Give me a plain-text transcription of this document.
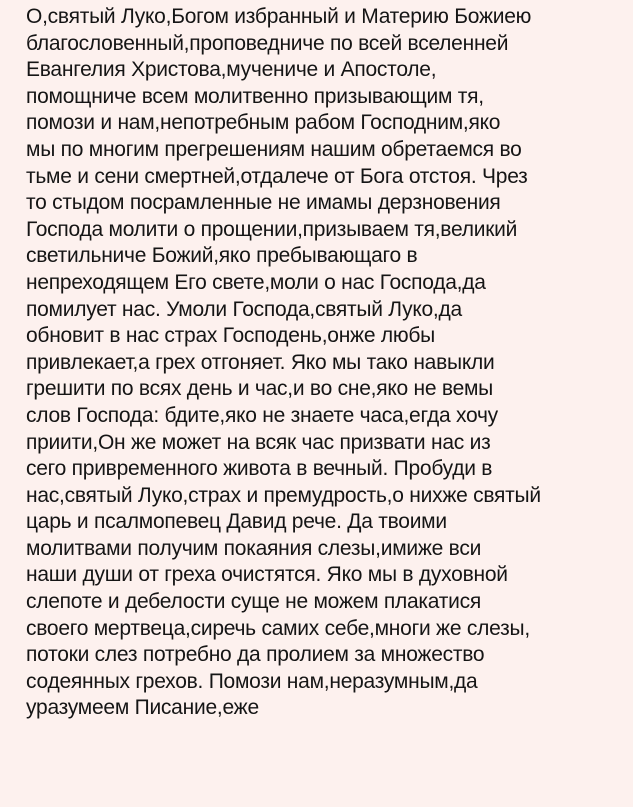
О,святый Луко,Богом избранный и Материю Божиею
благословенный,проповедниче по всей вселенней
Евангелия Христова,мучениче и Апостоле,
помощниче всем молитвенно призывающим тя,
помози и нам,непотребным рабом Господним,яко
мы по многим прегрешениям нашим обретаемся во
тьме и сени смертней,отдалече от Бога отстоя. Чрез
то стыдом посрамленные не имамы дерзновения
Господа молити о прощении,призываем тя,великий
светильниче Божий,яко пребывающаго в
непреходящем Его свете,моли о нас Господа,да
помилует нас. Умоли Господа,святый Луко,да
обновит в нас страх Господень,онже любы
привлекает,а грех отгоняет. Яко мы тако навыкли
грешити по всях день и час,и во сне,яко не вемы
слов Господа: бдите,яко не знаете часа,егда хочу
приити,Он же может на всяк час призвати нас из
сего привременного живота в вечный. Пробуди в
нас,святый Луко,страх и премудрость,о нихже святый
царь и псалмопевец Давид рече. Да твоими
молитвами получим покаяния слезы,имиже вси
наши души от греха очистятся. Яко мы в духовной
слепоте и дебелости суще не можем плакатися
своего мертвеца,сиречь самих себе,многи же слезы,
потоки слез потребно да пролием за множество
содеянных грехов. Помози нам,неразумным,да
уразумеем Писание,еже
